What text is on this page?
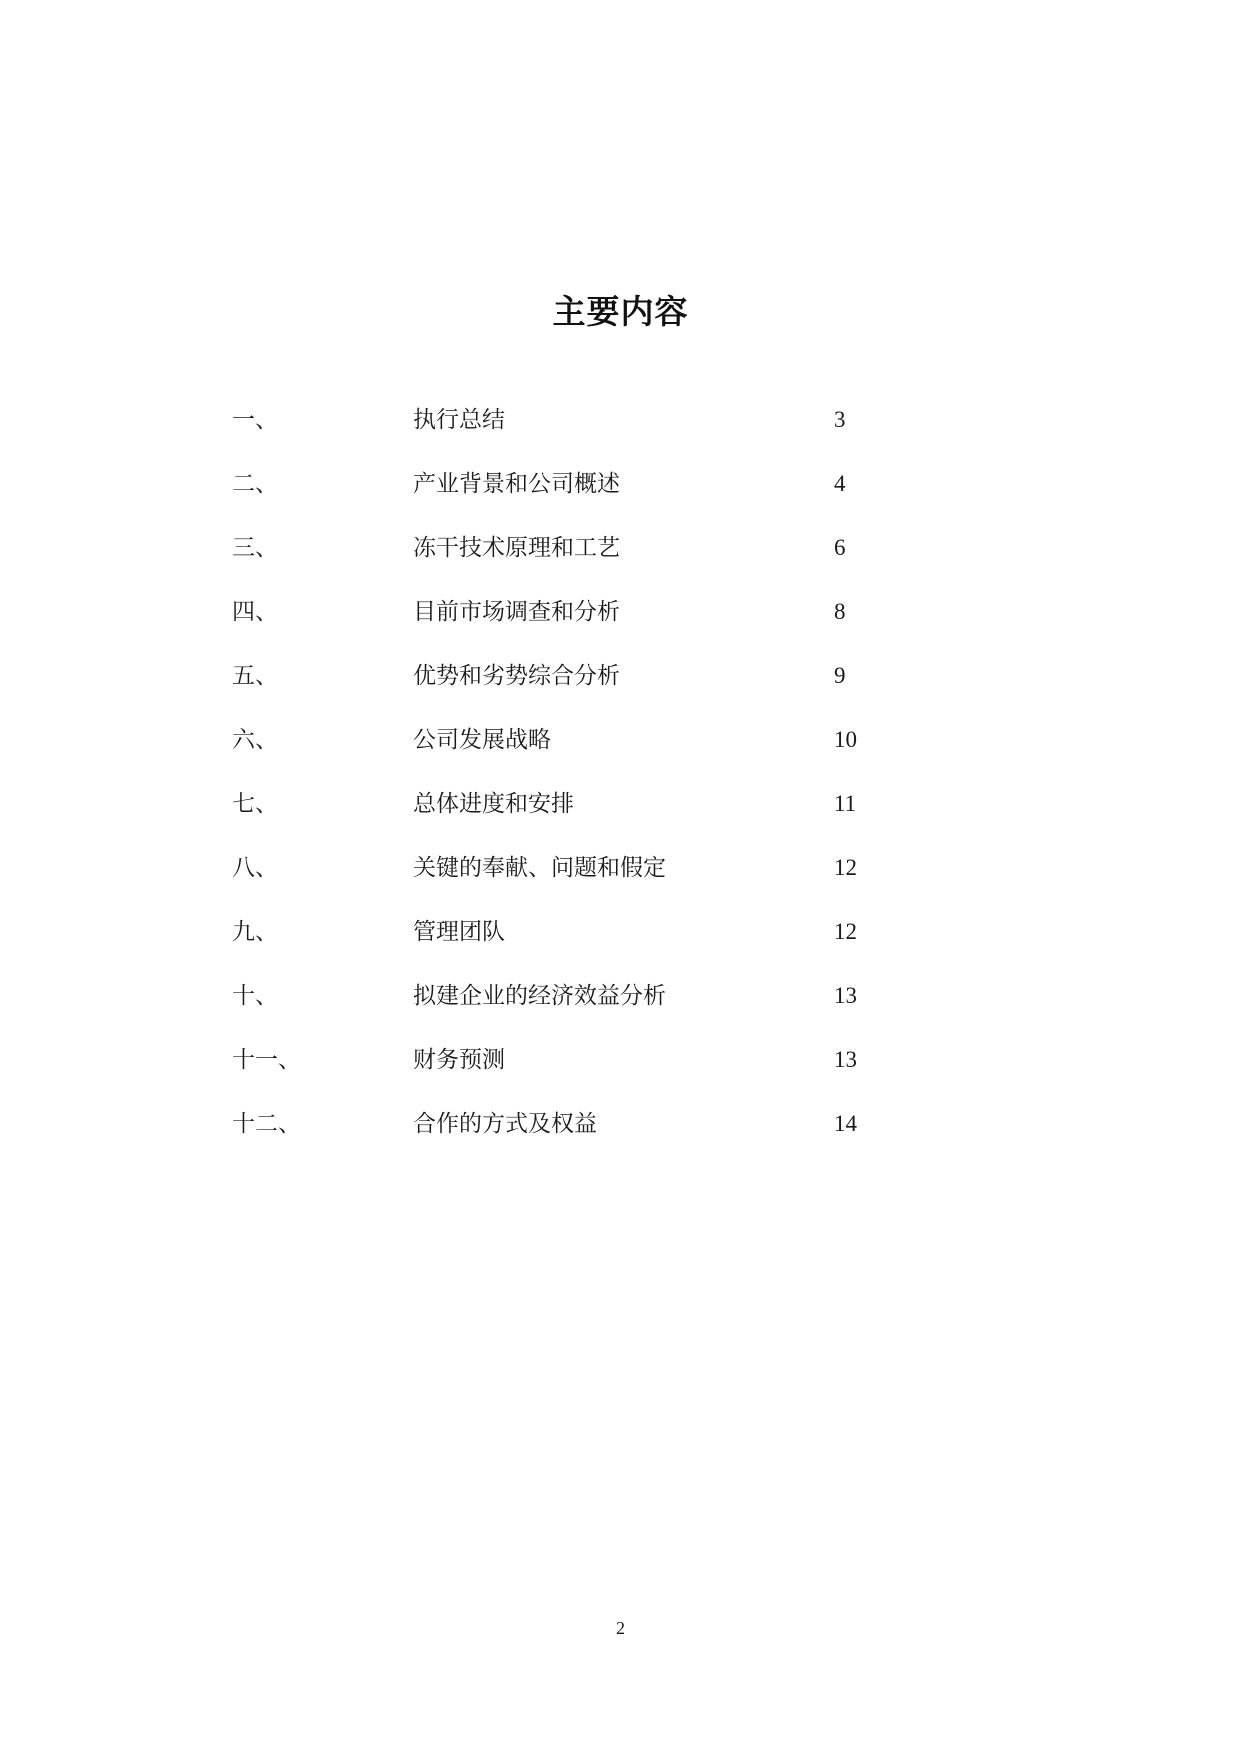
主要内容
一、	执行总结	3
二、	产业背景和公司概述	4
三、	冻干技术原理和工艺	6
四、	目前市场调查和分析	8
五、	优势和劣势综合分析	9
六、	公司发展战略	10
七、	总体进度和安排	11
八、	关键的奉献、问题和假定	12
九、	管理团队	12
十、	拟建企业的经济效益分析	13
十一、	财务预测	13
十二、	合作的方式及权益	14
2
